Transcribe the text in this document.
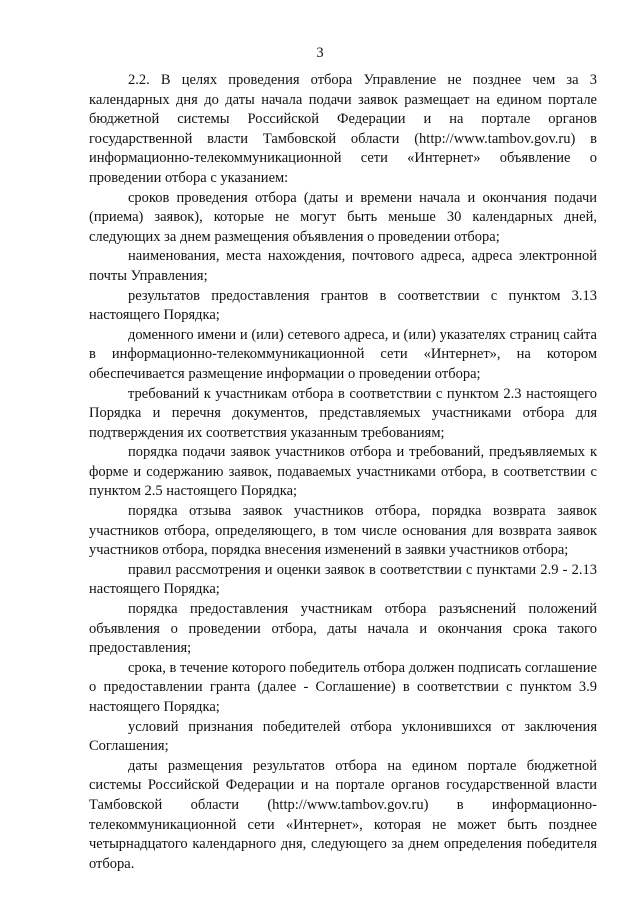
3

2.2. В целях проведения отбора Управление не позднее чем за 3 календарных дня до даты начала подачи заявок размещает на едином портале бюджетной системы Российской Федерации и на портале органов государственной власти Тамбовской области (http://www.tambov.gov.ru) в информационно-телекоммуникационной сети «Интернет» объявление о проведении отбора с указанием:

сроков проведения отбора (даты и времени начала и окончания подачи (приема) заявок), которые не могут быть меньше 30 календарных дней, следующих за днем размещения объявления о проведении отбора;

наименования, места нахождения, почтового адреса, адреса электронной почты Управления;

результатов предоставления грантов в соответствии с пунктом 3.13 настоящего Порядка;

доменного имени и (или) сетевого адреса, и (или) указателях страниц сайта в информационно-телекоммуникационной сети «Интернет», на котором обеспечивается размещение информации о проведении отбора;

требований к участникам отбора в соответствии с пунктом 2.3 настоящего Порядка и перечня документов, представляемых участниками отбора для подтверждения их соответствия указанным требованиям;

порядка подачи заявок участников отбора и требований, предъявляемых к форме и содержанию заявок, подаваемых участниками отбора, в соответствии с пунктом 2.5 настоящего Порядка;

порядка отзыва заявок участников отбора, порядка возврата заявок участников отбора, определяющего, в том числе основания для возврата заявок участников отбора, порядка внесения изменений в заявки участников отбора;

правил рассмотрения и оценки заявок в соответствии с пунктами 2.9 - 2.13 настоящего Порядка;

порядка предоставления участникам отбора разъяснений положений объявления о проведении отбора, даты начала и окончания срока такого предоставления;

срока, в течение которого победитель отбора должен подписать соглашение о предоставлении гранта (далее - Соглашение) в соответствии с пунктом 3.9 настоящего Порядка;

условий признания победителей отбора уклонившихся от заключения Соглашения;

даты размещения результатов отбора на едином портале бюджетной системы Российской Федерации и на портале органов государственной власти Тамбовской области (http://www.tambov.gov.ru) в информационно-телекоммуникационной сети «Интернет», которая не может быть позднее четырнадцатого календарного дня, следующего за днем определения победителя отбора.
